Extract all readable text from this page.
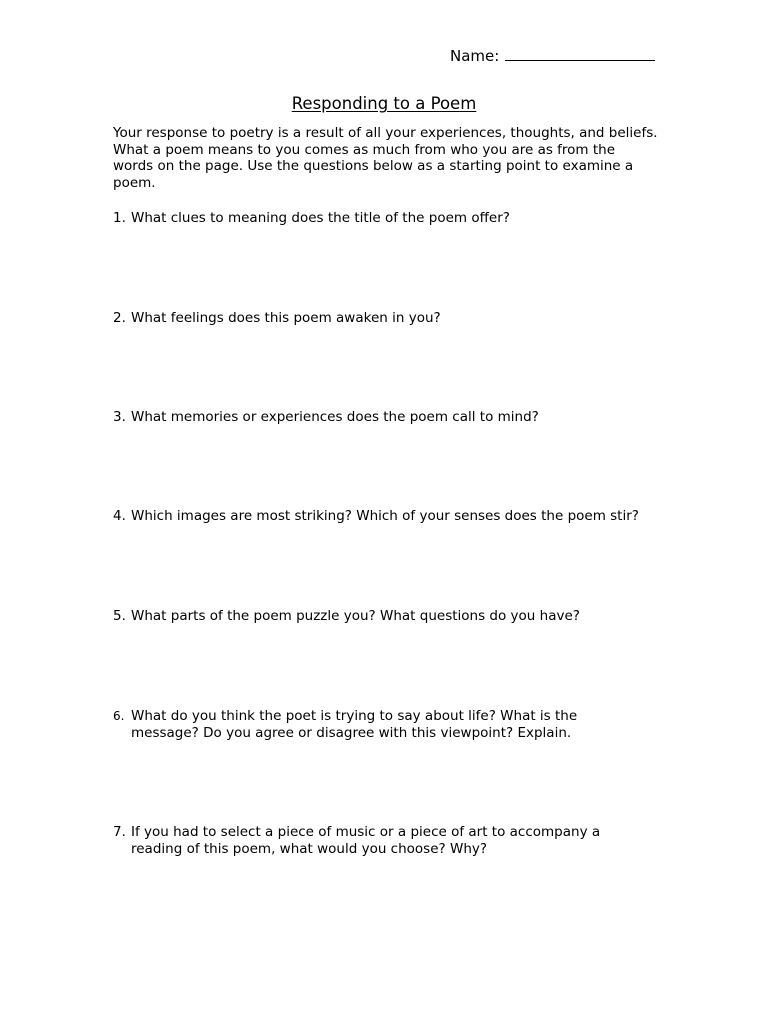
Name:
Responding to a Poem
Your response to poetry is a result of all your experiences, thoughts, and beliefs. What a poem means to you comes as much from who you are as from the words on the page. Use the questions below as a starting point to examine a poem.
1. What clues to meaning does the title of the poem offer?
2. What feelings does this poem awaken in you?
3. What memories or experiences does the poem call to mind?
4. Which images are most striking? Which of your senses does the poem stir?
5. What parts of the poem puzzle you? What questions do you have?
6. What do you think the poet is trying to say about life? What is the message? Do you agree or disagree with this viewpoint? Explain.
7. If you had to select a piece of music or a piece of art to accompany a reading of this poem, what would you choose? Why?
